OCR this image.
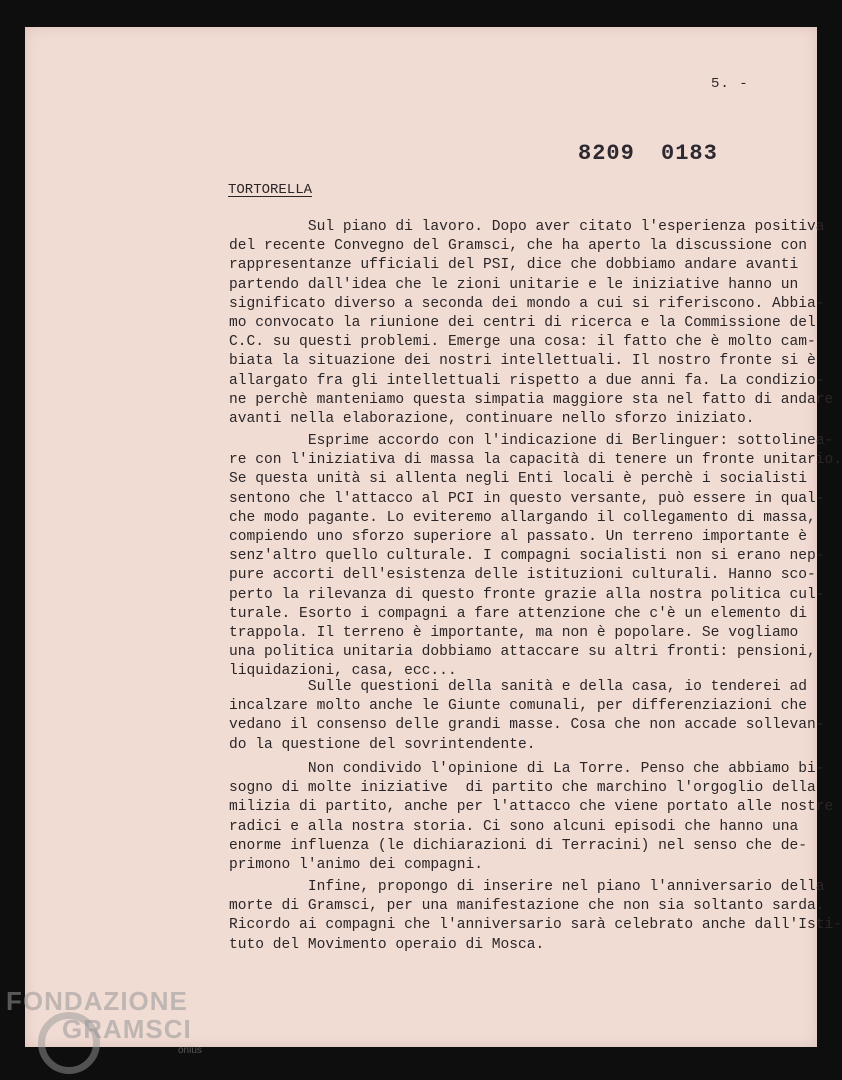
5. -
8209 0183
TORTORELLA
Sul piano di lavoro. Dopo aver citato l'esperienza
del recente Convegno del Gramsci, che ha aperto la discussione
rappresentanze ufficiali del PSI, dice che dobbiamo andare avanti
partendo dall'idea che le zioni unitarie e le iniziative hanno
significato diverso a seconda dei mondo a cui si riferiscono.
mo convocato la riunione dei centri di ricerca e la Commissione
C.C. su questi problemi. Emerge una cosa: il fatto che è molto
biata la situazione dei nostri intellettuali. Il nostro fronte
allargato fra gli intellettuali rispetto a due anni fa. La condizio-
ne perchè manteniamo questa simpatia maggiore sta nel fatto di
avanti nella elaborazione, continuare nello sforzo iniziato.
Esprime accordo con l'indicazione di Berlinguer: sottolinea-
re con l'iniziativa di massa la capacità di tenere un fronte
Se questa unità si allenta negli Enti locali è perchè i socialisti
sentono che l'attacco al PCI in questo versante, può essere in
che modo pagante. Lo eviteremo allargando il collegamento di
compiendo uno sforzo superiore al passato. Un terreno importante
senz'altro quello culturale. I compagni socialisti non si erano
pure accorti dell'esistenza delle istituzioni culturali. Hanno
perto la rilevanza di questo fronte grazie alla nostra politica
turale. Esorto i compagni a fare attenzione che c'è un elemento
trappola. Il terreno è importante, ma non è popolare. Se vogliamo
una politica unitaria dobbiamo attaccare su altri fronti: pensioni,
liquidazioni, casa, ecc...
Sulle questioni della sanità e della casa, io tenderei
incalzare molto anche le Giunte comunali, per differenziazioni
vedano il consenso delle grandi masse. Cosa che non accade sollevan-
do la questione del sovrintendente.
Non condivido l'opinione di La Torre. Penso che abbiamo
sogno di molte iniziative  di partito che marchino l'orgoglio
milizia di partito, anche per l'attacco che viene portato alle
radici e alla nostra storia. Ci sono alcuni episodi che hanno una
enorme influenza (le dichiarazioni di Terracini) nel senso che
primono l'animo dei compagni.
Infine, propongo di inserire nel piano l'anniversario
morte di Gramsci, per una manifestazione che non sia soltanto
Ricordo ai compagni che l'anniversario sarà celebrato anche
tuto del Movimento operaio di Mosca.
FONDAZIONE
GRAMSCI
onlus
